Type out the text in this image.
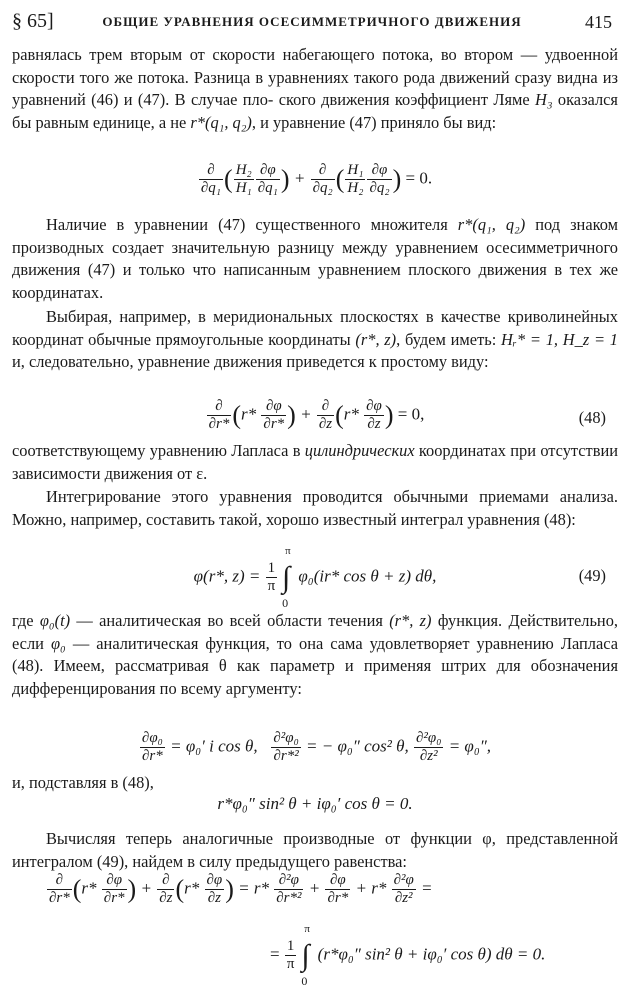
§ 65]	ОБЩИЕ УРАВНЕНИЯ ОСЕСИММЕТРИЧНОГО ДВИЖЕНИЯ	415
равнялась трем вторым от скорости набегающего потока, во втором — удвоенной скорости того же потока. Разница в уравнениях такого рода движений сразу видна из уравнений (46) и (47). В случае пло- ского движения коэффициент Ляме H₃ оказался бы равным единице, а не r*(q₁, q₂), и уравнение (47) приняло бы вид:
$\frac{\partial}{\text{∂q₁}}$ ( $\frac{\text{H₂}}{\text{H₁}} \frac{\partial\varphi}{\text{∂q₁}}$ ) + $\frac{\partial}{\text{∂q₂}}$ ( $\frac{\text{H₁}}{\text{H₂}} \frac{\partial\varphi}{\text{∂q₂}}$ ) = 0.
Наличие в уравнении (47) существенного множителя r*(q₁, q₂) под знаком производных создает значительную разницу между уравнением осесимметричного движения (47) и только что написанным уравнением плоского движения в тех же координатах.
Выбирая, например, в меридиональных плоскостях в качестве криволинейных координат обычные прямоугольные координаты (r*, z), будем иметь: Hᵣ* = 1, H_z = 1 и, следовательно, уравнение движения приведется к простому виду:
$\frac{\partial}{\partial r*} (r* \frac{\partial\varphi}{\partial r*}$ ) + $\frac{\partial}{\partial z} (r* \frac{\partial\varphi}{\partial z}$ ) = 0,	(48)
соответствующему уравнению Лапласа в цилиндрических координатах при отсутствии зависимости движения от ε.
Интегрирование этого уравнения проводится обычными приемами анализа. Можно, например, составить такой, хорошо известный интеграл уравнения (48):
φ(r*, $z) = \frac{1}{\pi}$ ∫
π
0
φ₀(ir* cos θ + z) dθ,	(49)
где φ₀(t) — аналитическая во всей области течения (r*, z) функция. Действительно, если φ₀ — аналитическая функция, то она сама удовлетворяет уравнению Лапласа (48). Имеем, рассматривая θ как параметр и применяя штрих для обозначения дифференцирования по всему аргументу:
$\frac{\text{∂φ₀}}{\partial r*} = \varphi_0'$ i cos θ, $\frac{\text{∂²φ₀}}{\text{∂r*²}}$ = − φ₀″ cos² θ, $\frac{\text{∂²φ₀}}{\text{∂z²}} = \varphi_0''$,
и, подставляя в (48),
r*φ₀″ sin² θ + iφ₀′ cos θ = 0.
Вычисляя теперь аналогичные производные от функции φ, представленной интегралом (49), найдем в силу предыдущего равенства:
$\frac{\partial}{\partial r*} (r* \frac{\partial\varphi}{\partial r*}$ ) + $\frac{\partial}{\partial z} (r* \frac{\partial\varphi}{\partial z}$ ) = $r* \frac{\text{∂²φ}}{\text{∂r*²}} + \frac{\partial\varphi}{\partial r*} + r* \frac{\text{∂²φ}}{\text{∂z²}}$ =
= $\frac{1}{\pi}$ ∫
π
0
(r*φ₀″ sin² θ + iφ₀′ cos θ) dθ = 0.
